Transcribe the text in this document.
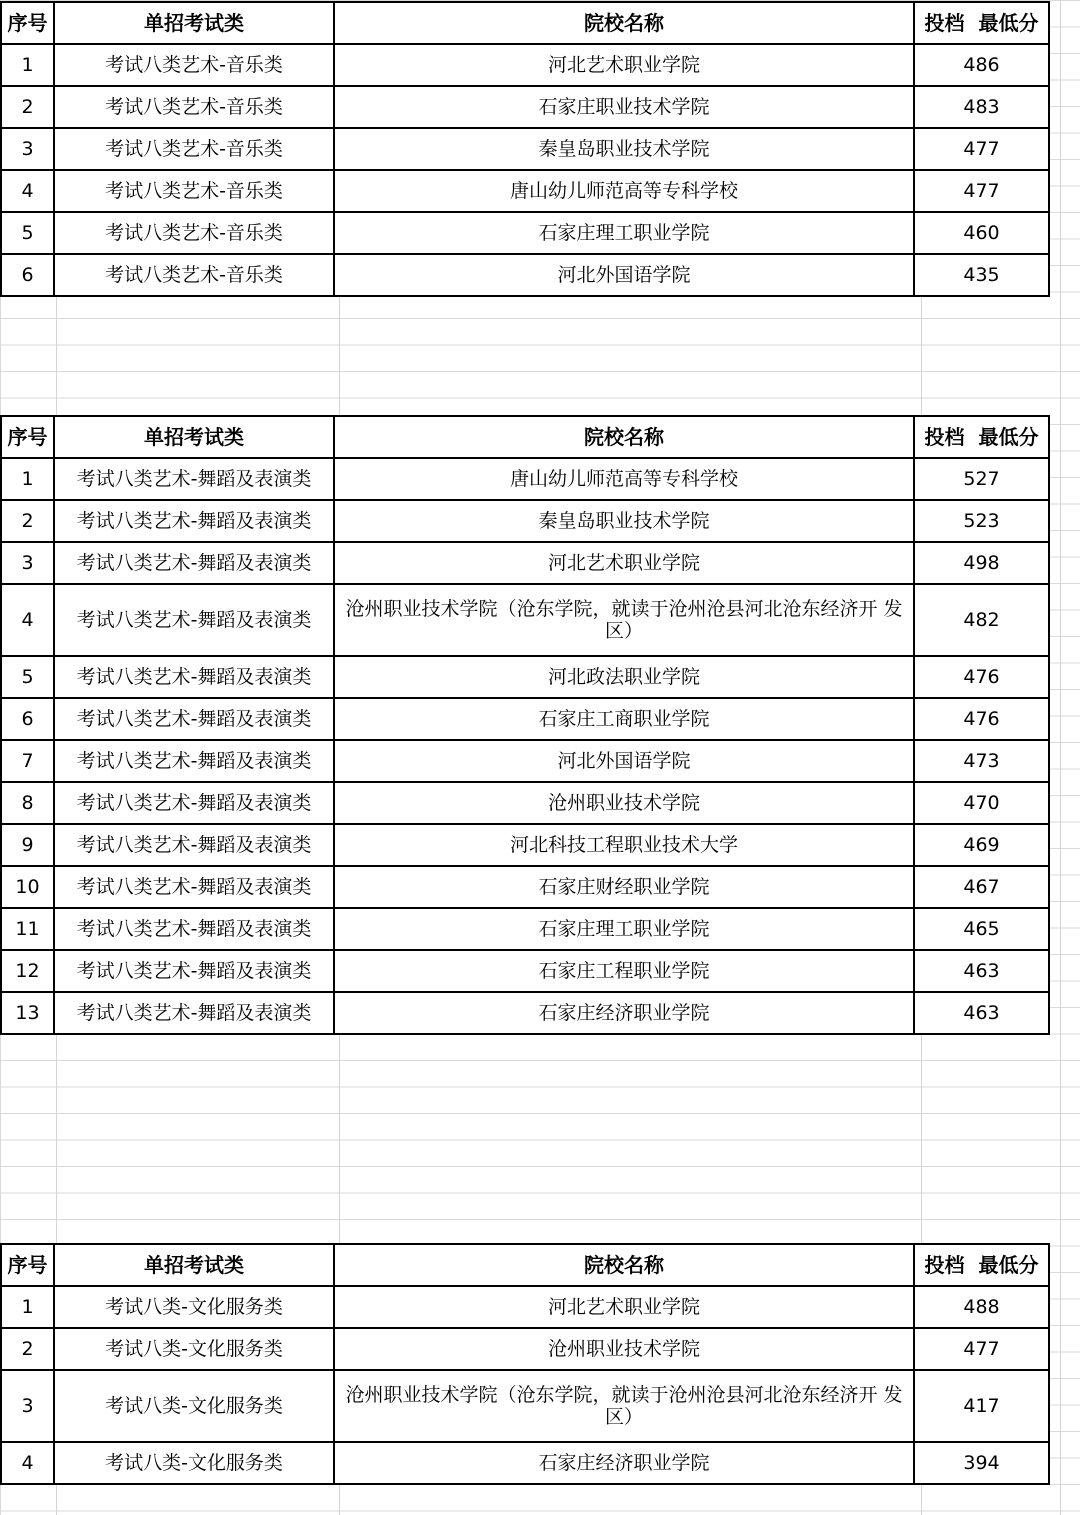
序号	单招考试类	院校名称	投档  最低分
1	考试八类艺术-音乐类	河北艺术职业学院	486
2	考试八类艺术-音乐类	石家庄职业技术学院	483
3	考试八类艺术-音乐类	秦皇岛职业技术学院	477
4	考试八类艺术-音乐类	唐山幼儿师范高等专科学校	477
5	考试八类艺术-音乐类	石家庄理工职业学院	460
6	考试八类艺术-音乐类	河北外国语学院	435
序号	单招考试类	院校名称	投档  最低分
1	考试八类艺术-舞蹈及表演类	唐山幼儿师范高等专科学校	527
2	考试八类艺术-舞蹈及表演类	秦皇岛职业技术学院	523
3	考试八类艺术-舞蹈及表演类	河北艺术职业学院	498
4	考试八类艺术-舞蹈及表演类	沧州职业技术学院（沧东学院，就读于沧州沧县河北沧东经济开 发区）	482
5	考试八类艺术-舞蹈及表演类	河北政法职业学院	476
6	考试八类艺术-舞蹈及表演类	石家庄工商职业学院	476
7	考试八类艺术-舞蹈及表演类	河北外国语学院	473
8	考试八类艺术-舞蹈及表演类	沧州职业技术学院	470
9	考试八类艺术-舞蹈及表演类	河北科技工程职业技术大学	469
10	考试八类艺术-舞蹈及表演类	石家庄财经职业学院	467
11	考试八类艺术-舞蹈及表演类	石家庄理工职业学院	465
12	考试八类艺术-舞蹈及表演类	石家庄工程职业学院	463
13	考试八类艺术-舞蹈及表演类	石家庄经济职业学院	463
序号	单招考试类	院校名称	投档  最低分
1	考试八类-文化服务类	河北艺术职业学院	488
2	考试八类-文化服务类	沧州职业技术学院	477
3	考试八类-文化服务类	沧州职业技术学院（沧东学院，就读于沧州沧县河北沧东经济开 发区）	417
4	考试八类-文化服务类	石家庄经济职业学院	394
